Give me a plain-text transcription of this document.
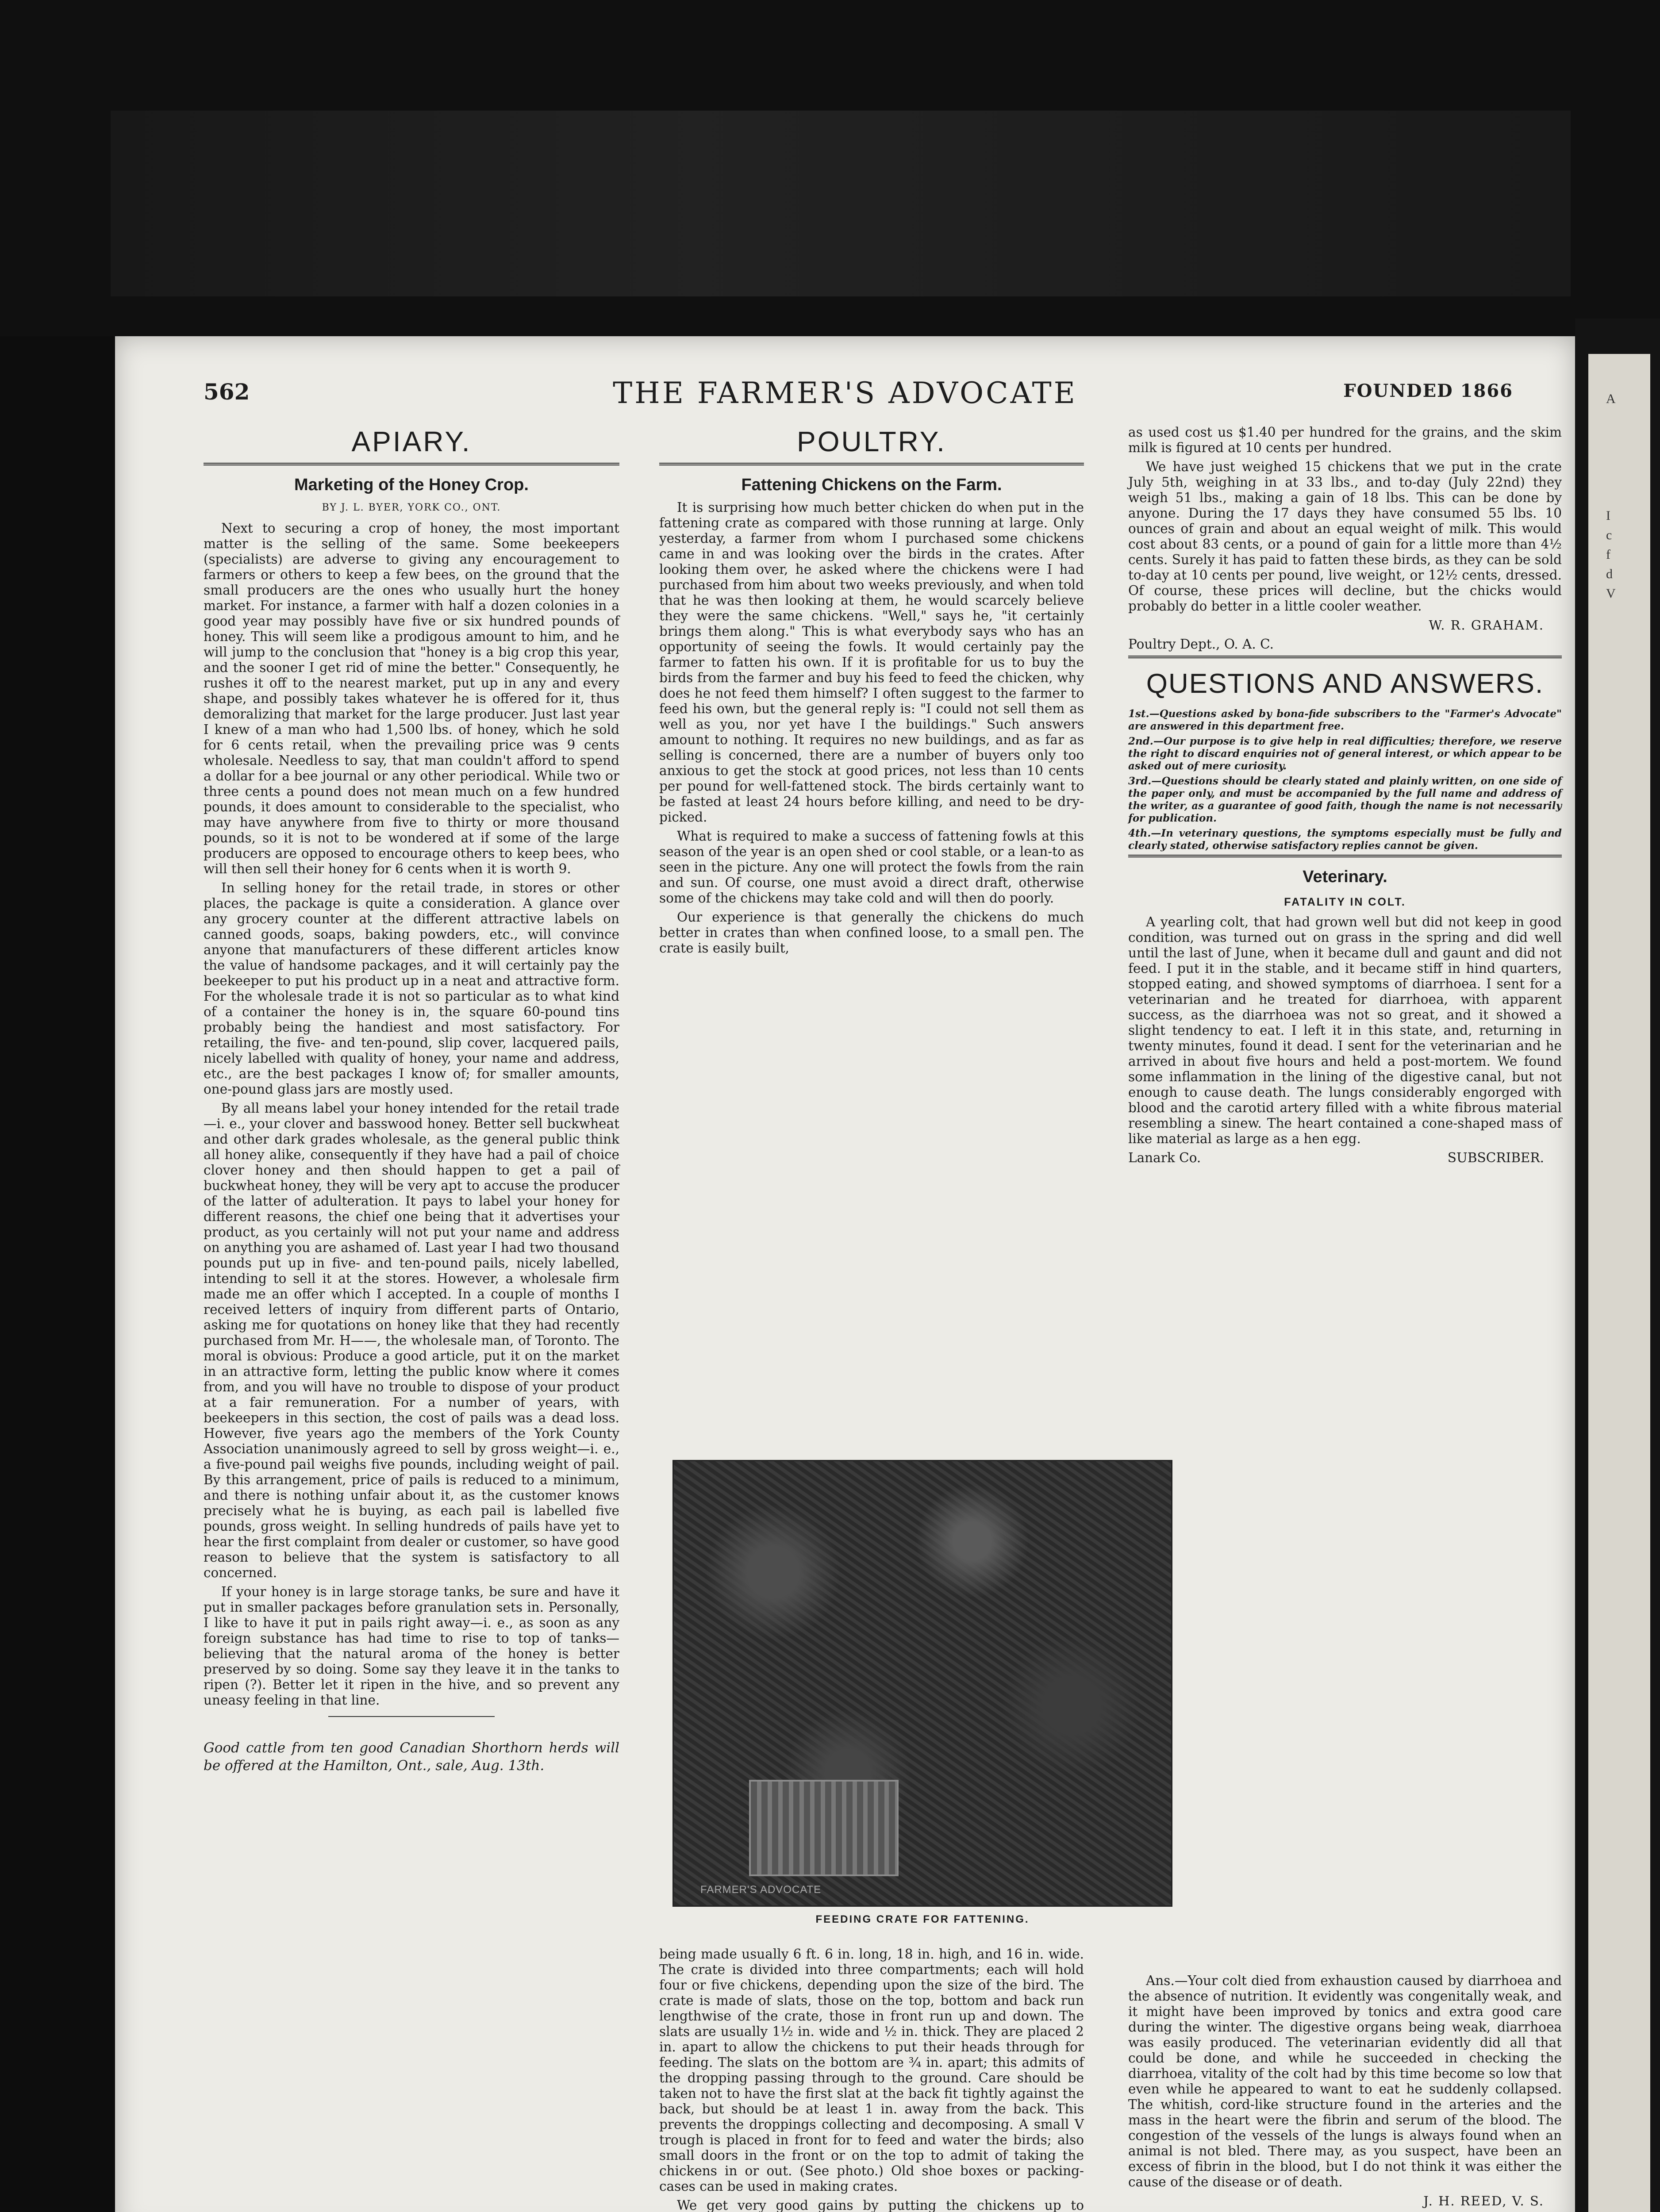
A
I
c
f
d
V
562	THE FARMER'S ADVOCATE	FOUNDED 1866
APIARY.
Marketing of the Honey Crop.
BY J. L. BYER, YORK CO., ONT.

Next to securing a crop of honey, the most important matter is the selling of the same. Some beekeepers (specialists) are adverse to giving any encouragement to farmers or others to keep a few bees, on the ground that the small producers are the ones who usually hurt the honey market. For instance, a farmer with half a dozen colonies in a good year may possibly have five or six hundred pounds of honey. This will seem like a prodigous amount to him, and he will jump to the conclusion that "honey is a big crop this year, and the sooner I get rid of mine the better." Consequently, he rushes it off to the nearest market, put up in any and every shape, and possibly takes whatever he is offered for it, thus demoralizing that market for the large producer. Just last year I knew of a man who had 1,500 lbs. of honey, which he sold for 6 cents retail, when the prevailing price was 9 cents wholesale. Needless to say, that man couldn't afford to spend a dollar for a bee journal or any other periodical. While two or three cents a pound does not mean much on a few hundred pounds, it does amount to considerable to the specialist, who may have anywhere from five to thirty or more thousand pounds, so it is not to be wondered at if some of the large producers are opposed to encourage others to keep bees, who will then sell their honey for 6 cents when it is worth 9.

In selling honey for the retail trade, in stores or other places, the package is quite a consideration. A glance over any grocery counter at the different attractive labels on canned goods, soaps, baking powders, etc., will convince anyone that manufacturers of these different articles know the value of handsome packages, and it will certainly pay the beekeeper to put his product up in a neat and attractive form. For the wholesale trade it is not so particular as to what kind of a container the honey is in, the square 60-pound tins probably being the handiest and most satisfactory. For retailing, the five- and ten-pound, slip cover, lacquered pails, nicely labelled with quality of honey, your name and address, etc., are the best packages I know of; for smaller amounts, one-pound glass jars are mostly used.

By all means label your honey intended for the retail trade—i. e., your clover and basswood honey. Better sell buckwheat and other dark grades wholesale, as the general public think all honey alike, consequently if they have had a pail of choice clover honey and then should happen to get a pail of buckwheat honey, they will be very apt to accuse the producer of the latter of adulteration. It pays to label your honey for different reasons, the chief one being that it advertises your product, as you certainly will not put your name and address on anything you are ashamed of. Last year I had two thousand pounds put up in five- and ten-pound pails, nicely labelled, intending to sell it at the stores. However, a wholesale firm made me an offer which I accepted. In a couple of months I received letters of inquiry from different parts of Ontario, asking me for quotations on honey like that they had recently purchased from Mr. H——, the wholesale man, of Toronto. The moral is obvious: Produce a good article, put it on the market in an attractive form, letting the public know where it comes from, and you will have no trouble to dispose of your product at a fair remuneration. For a number of years, with beekeepers in this section, the cost of pails was a dead loss. However, five years ago the members of the York County Association unanimously agreed to sell by gross weight—i. e., a five-pound pail weighs five pounds, including weight of pail. By this arrangement, price of pails is reduced to a minimum, and there is nothing unfair about it, as the customer knows precisely what he is buying, as each pail is labelled five pounds, gross weight. In selling hundreds of pails have yet to hear the first complaint from dealer or customer, so have good reason to believe that the system is satisfactory to all concerned.

If your honey is in large storage tanks, be sure and have it put in smaller packages before granulation sets in. Personally, I like to have it put in pails right away—i. e., as soon as any foreign substance has had time to rise to top of tanks—believing that the natural aroma of the honey is better preserved by so doing. Some say they leave it in the tanks to ripen (?). Better let it ripen in the hive, and so prevent any uneasy feeling in that line.

Good cattle from ten good Canadian Shorthorn herds will be offered at the Hamilton, Ont., sale, Aug. 13th.

POULTRY.
Fattening Chickens on the Farm.

It is surprising how much better chicken do when put in the fattening crate as compared with those running at large. Only yesterday, a farmer from whom I purchased some chickens came in and was looking over the birds in the crates. After looking them over, he asked where the chickens were I had purchased from him about two weeks previously, and when told that he was then looking at them, he would scarcely believe they were the same chickens. "Well," says he, "it certainly brings them along." This is what everybody says who has an opportunity of seeing the fowls. It would certainly pay the farmer to fatten his own. If it is profitable for us to buy the birds from the farmer and buy his feed to feed the chicken, why does he not feed them himself? I often suggest to the farmer to feed his own, but the general reply is: "I could not sell them as well as you, nor yet have I the buildings." Such answers amount to nothing. It requires no new buildings, and as far as selling is concerned, there are a number of buyers only too anxious to get the stock at good prices, not less than 10 cents per pound for well-fattened stock. The birds certainly want to be fasted at least 24 hours before killing, and need to be dry-picked.

What is required to make a success of fattening fowls at this season of the year is an open shed or cool stable, or a lean-to as seen in the picture. Any one will protect the fowls from the rain and sun. Of course, one must avoid a direct draft, otherwise some of the chickens may take cold and will then do poorly.

Our experience is that generally the chickens do much better in crates than when confined loose, to a small pen. The crate is easily built,

FARMER'S ADVOCATE
FEEDING CRATE FOR FATTENING.

being made usually 6 ft. 6 in. long, 18 in. high, and 16 in. wide. The crate is divided into three compartments; each will hold four or five chickens, depending upon the size of the bird. The crate is made of slats, those on the top, bottom and back run lengthwise of the crate, those in front run up and down. The slats are usually 1½ in. wide and ½ in. thick. They are placed 2 in. apart to allow the chickens to put their heads through for feeding. The slats on the bottom are ¾ in. apart; this admits of the dropping passing through to the ground. Care should be taken not to have the first slat at the back fit tightly against the back, but should be at least 1 in. away from the back. This prevents the droppings collecting and decomposing. A small V trough is placed in front for to feed and water the birds; also small doors in the front or on the top to admit of taking the chickens in or out. (See photo.) Old shoe boxes or packing-cases can be used in making crates.

We get very good gains by putting the chickens up to

as used cost us $1.40 per hundred for the grains, and the skim milk is figured at 10 cents per hundred.

We have just weighed 15 chickens that we put in the crate July 5th, weighing in at 33 lbs., and to-day (July 22nd) they weigh 51 lbs., making a gain of 18 lbs. This can be done by anyone. During the 17 days they have consumed 55 lbs. 10 ounces of grain and about an equal weight of milk. This would cost about 83 cents, or a pound of gain for a little more than 4½ cents. Surely it has paid to fatten these birds, as they can be sold to-day at 10 cents per pound, live weight, or 12½ cents, dressed. Of course, these prices will decline, but the chicks would probably do better in a little cooler weather.

W. R. GRAHAM.

Poultry Dept., O. A. C.

QUESTIONS AND ANSWERS.

1st.—Questions asked by bona-fide subscribers to the "Farmer's Advocate" are answered in this department free.

2nd.—Our purpose is to give help in real difficulties; therefore, we reserve the right to discard enquiries not of general interest, or which appear to be asked out of mere curiosity.

3rd.—Questions should be clearly stated and plainly written, on one side of the paper only, and must be accompanied by the full name and address of the writer, as a guarantee of good faith, though the name is not necessarily for publication.

4th.—In veterinary questions, the symptoms especially must be fully and clearly stated, otherwise satisfactory replies cannot be given.

Veterinary.
FATALITY IN COLT.

A yearling colt, that had grown well but did not keep in good condition, was turned out on grass in the spring and did well until the last of June, when it became dull and gaunt and did not feed. I put it in the stable, and it became stiff in hind quarters, stopped eating, and showed symptoms of diarrhoea. I sent for a veterinarian and he treated for diarrhoea, with apparent success, as the diarrhoea was not so great, and it showed a slight tendency to eat. I left it in this state, and, returning in twenty minutes, found it dead. I sent for the veterinarian and he arrived in about five hours and held a post-mortem. We found some inflammation in the lining of the digestive canal, but not enough to cause death. The lungs considerably engorged with blood and the carotid artery filled with a white fibrous material resembling a sinew. The heart contained a cone-shaped mass of like material as large as a hen egg.

Lanark Co.	SUBSCRIBER.

Ans.—Your colt died from exhaustion caused by diarrhoea and the absence of nutrition. It evidently was congenitally weak, and it might have been improved by tonics and extra good care during the winter. The digestive organs being weak, diarrhoea was easily produced. The veterinarian evidently did all that could be done, and while he succeeded in checking the diarrhoea, vitality of the colt had by this time become so low that even while he appeared to want to eat he suddenly collapsed. The whitish, cord-like structure found in the arteries and the mass in the heart were the fibrin and serum of the blood. The congestion of the vessels of the lungs is always found when an animal is not bled. There may, as you suspect, have been an excess of fibrin in the blood, but I do not think it was either the cause of the disease or of death.

J. H. REED, V. S.
